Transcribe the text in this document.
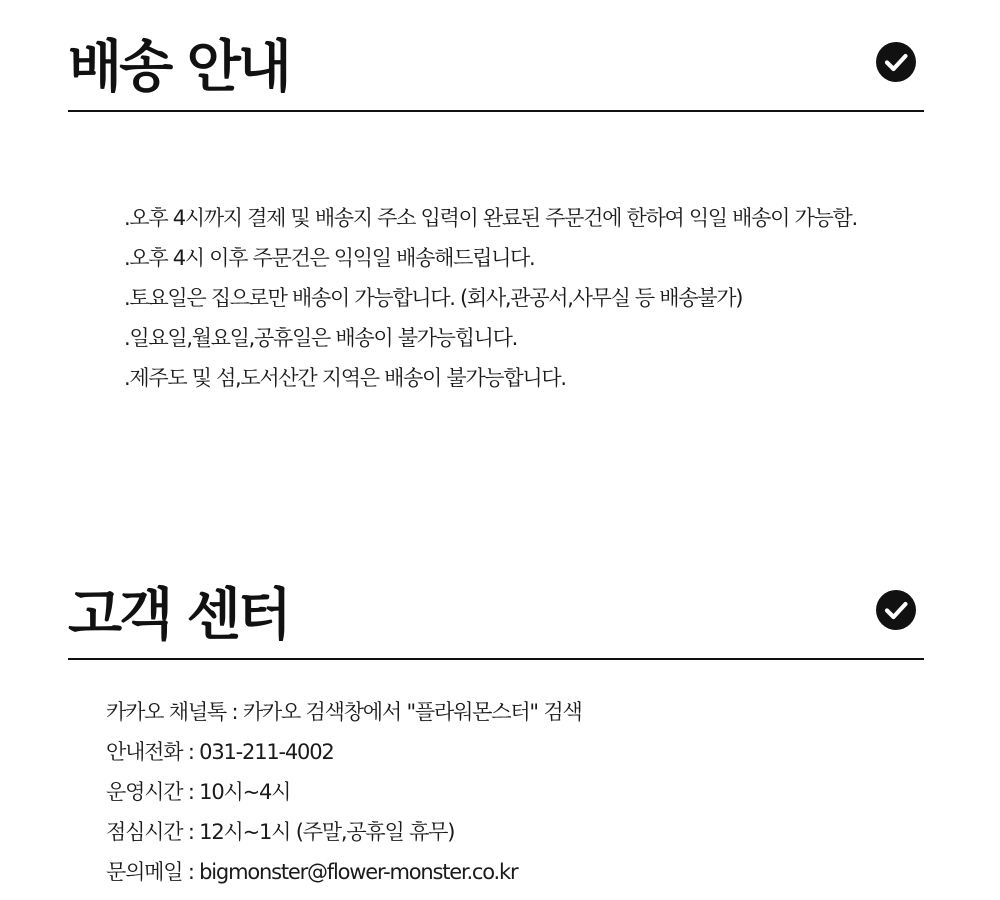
배송 안내
.오후 4시까지 결제 및 배송지 주소 입력이 완료된 주문건에 한하여 익일 배송이 가능함.
.오후 4시 이후 주문건은 익익일 배송해드립니다.
.토요일은 집으로만 배송이 가능합니다. (회사,관공서,사무실 등 배송불가)
.일요일,월요일,공휴일은 배송이 불가능힙니다.
.제주도 및 섬,도서산간 지역은 배송이 불가능합니다.
고객 센터
카카오 채널톡 : 카카오 검색창에서 "플라워몬스터" 검색
안내전화 : 031-211-4002
운영시간 : 10시~4시
점심시간 : 12시~1시 (주말,공휴일 휴무)
문의메일 : bigmonster@flower-monster.co.kr
